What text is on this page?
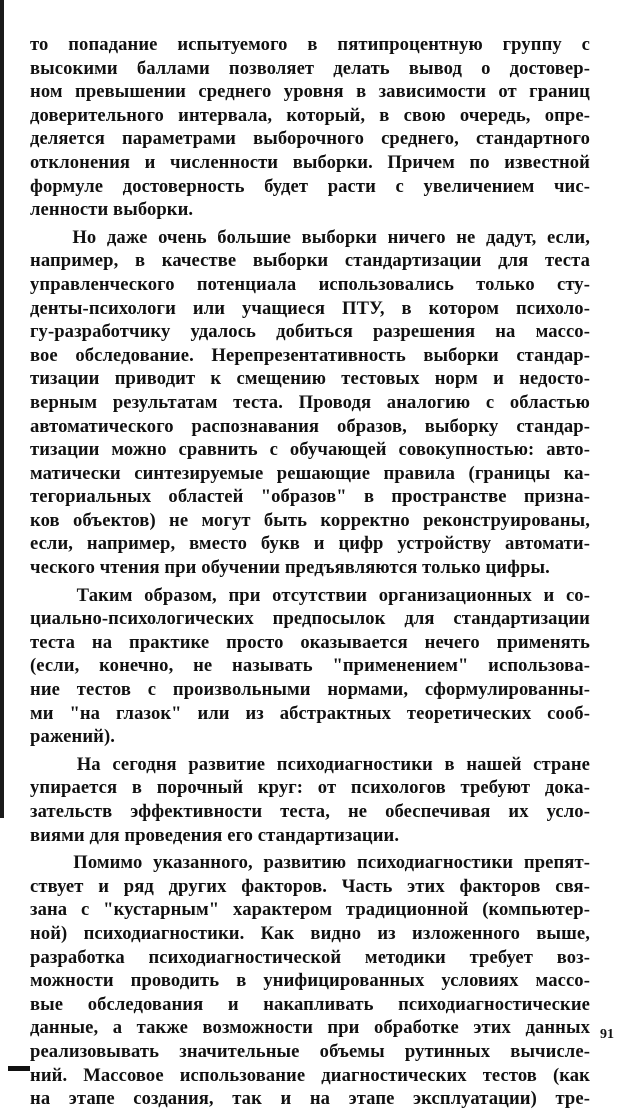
то попадание испытуемого в пятипроцентную группу с
высокими баллами позволяет делать вывод о достовер-
ном превышении среднего уровня в зависимости от границ
доверительного интервала, который, в свою очередь, опре-
деляется параметрами выборочного среднего, стандартного
отклонения и численности выборки. Причем по известной
формуле достоверность будет расти с увеличением чис-
ленности выборки.
Но даже очень большие выборки ничего не дадут, если,
например, в качестве выборки стандартизации для теста
управленческого потенциала использовались только сту-
денты-психологи или учащиеся ПТУ, в котором психоло-
гу-разработчику удалось добиться разрешения на массо-
вое обследование. Нерепрезентативность выборки стандар-
тизации приводит к смещению тестовых норм и недосто-
верным результатам теста. Проводя аналогию с областью
автоматического распознавания образов, выборку стандар-
тизации можно сравнить с обучающей совокупностью: авто-
матически синтезируемые решающие правила (границы ка-
тегориальных областей "образов" в пространстве призна-
ков объектов) не могут быть корректно реконструированы,
если, например, вместо букв и цифр устройству автомати-
ческого чтения при обучении предъявляются только цифры.
Таким образом, при отсутствии организационных и со-
циально-психологических предпосылок для стандартизации
теста на практике просто оказывается нечего применять
(если, конечно, не называть "применением" использова-
ние тестов с произвольными нормами, сформулированны-
ми "на глазок" или из абстрактных теоретических сооб-
ражений).
На сегодня развитие психодиагностики в нашей стране
упирается в порочный круг: от психологов требуют дока-
зательств эффективности теста, не обеспечивая их усло-
виями для проведения его стандартизации.
Помимо указанного, развитию психодиагностики препят-
ствует и ряд других факторов. Часть этих факторов свя-
зана с "кустарным" характером традиционной (компьютер-
ной) психодиагностики. Как видно из изложенного выше,
разработка психодиагностической методики требует воз-
можности проводить в унифицированных условиях массо-
вые обследования и накапливать психодиагностические
данные, а также возможности при обработке этих данных
реализовывать значительные объемы рутинных вычисле-
ний. Массовое использование диагностических тестов (как
на этапе создания, так и на этапе эксплуатации) тре-
91
